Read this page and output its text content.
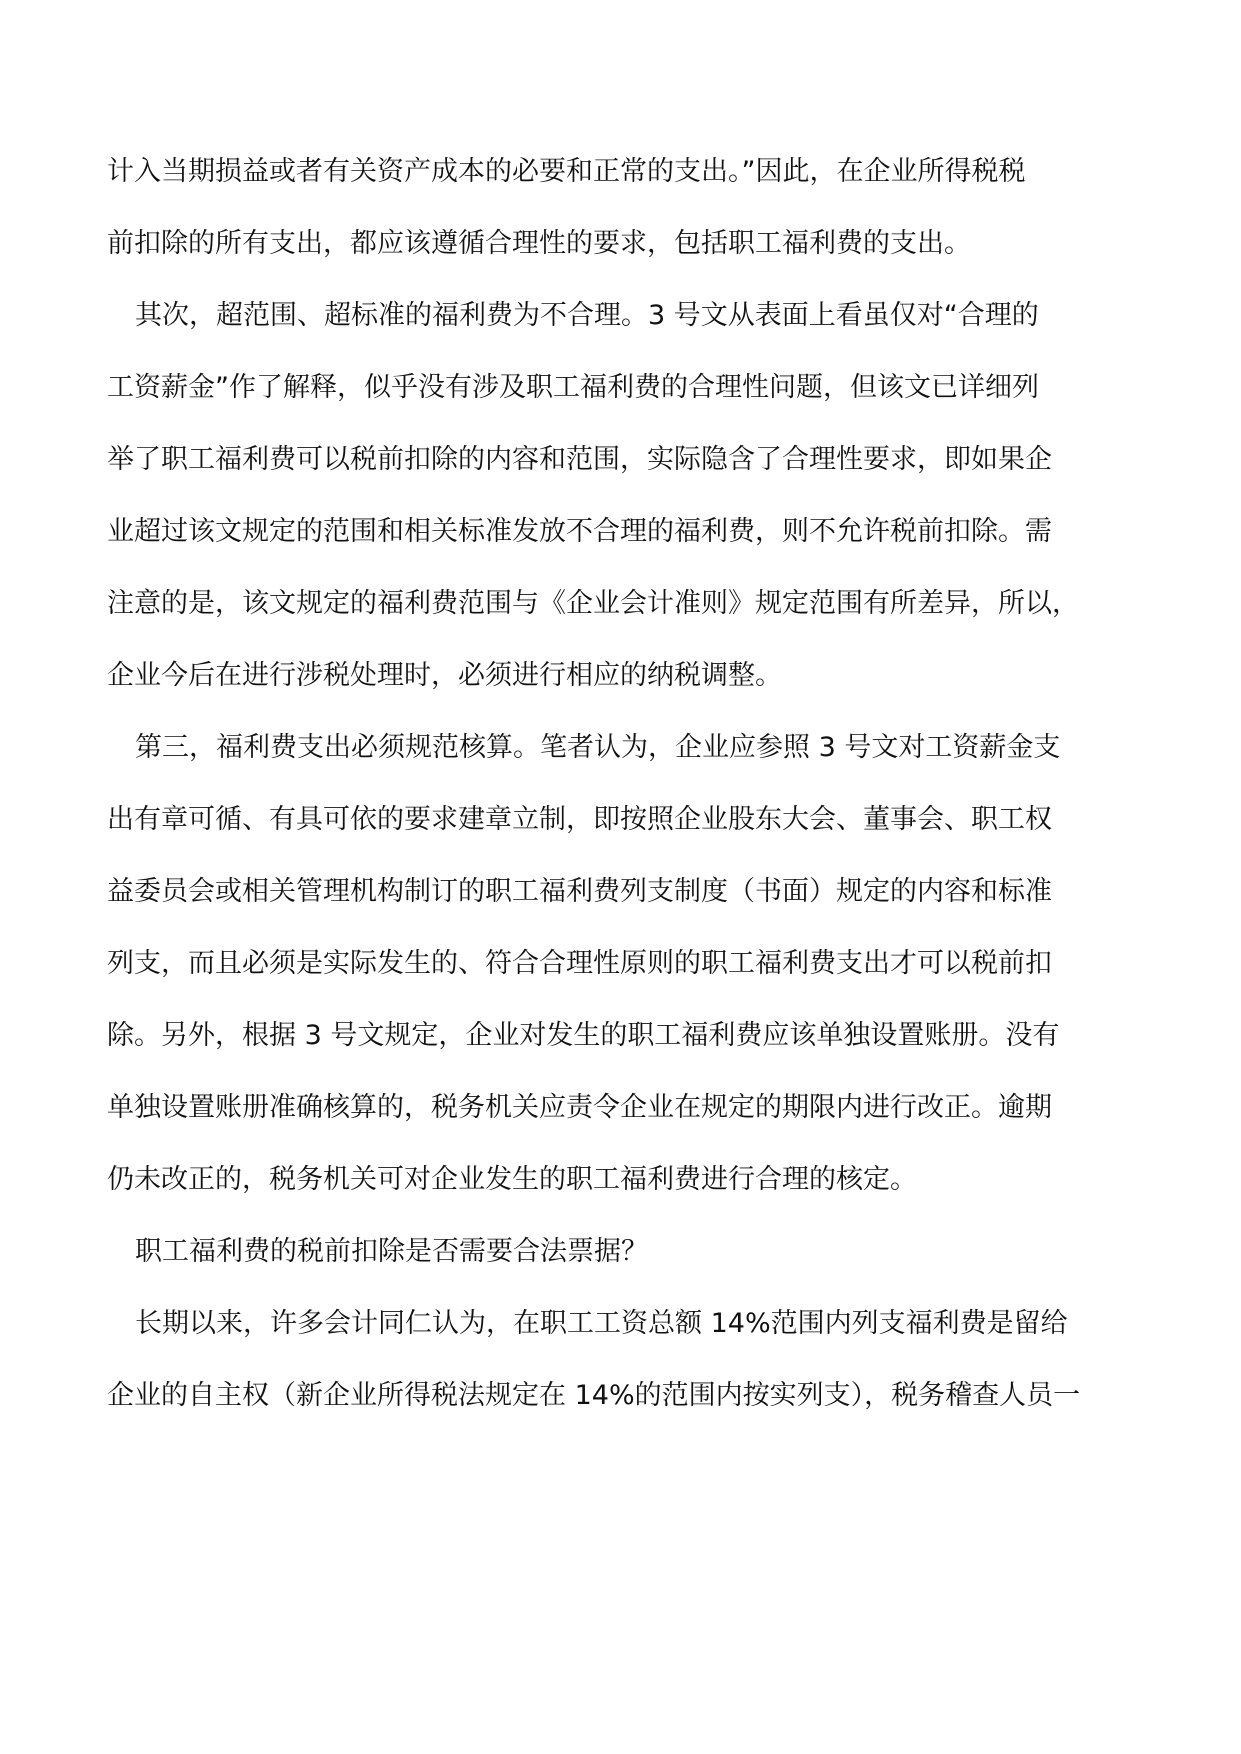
计入当期损益或者有关资产成本的必要和正常的支出。”因此，在企业所得税税
前扣除的所有支出，都应该遵循合理性的要求，包括职工福利费的支出。
其次，超范围、超标准的福利费为不合理。3 号文从表面上看虽仅对“合理的
工资薪金”作了解释，似乎没有涉及职工福利费的合理性问题，但该文已详细列
举了职工福利费可以税前扣除的内容和范围，实际隐含了合理性要求，即如果企
业超过该文规定的范围和相关标准发放不合理的福利费，则不允许税前扣除。需
注意的是，该文规定的福利费范围与《企业会计准则》规定范围有所差异，所以，
企业今后在进行涉税处理时，必须进行相应的纳税调整。
第三，福利费支出必须规范核算。笔者认为，企业应参照 3 号文对工资薪金支
出有章可循、有具可依的要求建章立制，即按照企业股东大会、董事会、职工权
益委员会或相关管理机构制订的职工福利费列支制度（书面）规定的内容和标准
列支，而且必须是实际发生的、符合合理性原则的职工福利费支出才可以税前扣
除。另外，根据 3 号文规定，企业对发生的职工福利费应该单独设置账册。没有
单独设置账册准确核算的，税务机关应责令企业在规定的期限内进行改正。逾期
仍未改正的，税务机关可对企业发生的职工福利费进行合理的核定。
职工福利费的税前扣除是否需要合法票据？
长期以来，许多会计同仁认为，在职工工资总额 14%范围内列支福利费是留给
企业的自主权（新企业所得税法规定在 14%的范围内按实列支），税务稽查人员一
